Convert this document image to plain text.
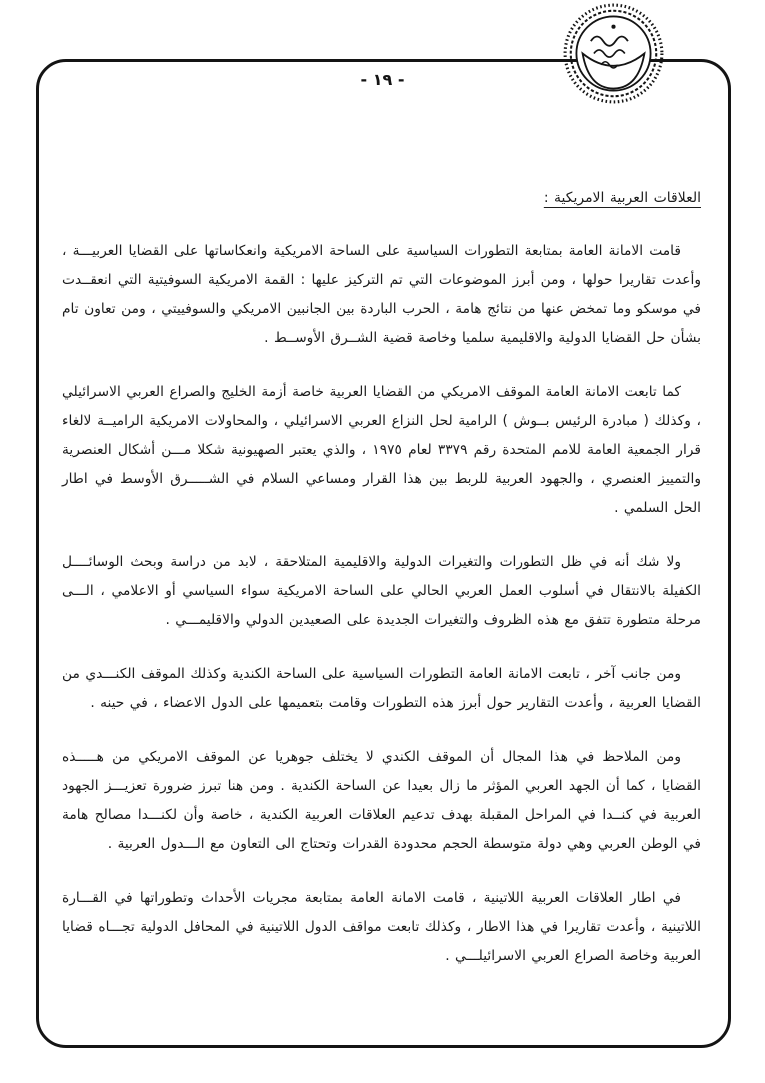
- ١٩ -
العلاقات العربية الامريكية :

قامت الامانة العامة بمتابعة التطورات السياسية على الساحة الامريكية وانعكاساتها على القضايا العربيـــة ، وأعدت تقاريرا حولها ، ومن أبرز الموضوعات التي تم التركيز عليها : القمة الامريكية السوفيتية التي انعقــدت في موسكو وما تمخض عنها من نتائج هامة ، الحرب الباردة بين الجانبين الامريكي والسوفييتي ، ومن تعاون تام بشأن حل القضايا الدولية والاقليمية سلميا وخاصة قضية الشــرق الأوســط .

كما تابعت الامانة العامة الموقف الامريكي من القضايا العربية خاصة أزمة الخليج والصراع العربي الاسرائيلي ، وكذلك ( مبادرة الرئيس بــوش ) الرامية لحل النزاع العربي الاسرائيلي ، والمحاولات الامريكية الراميــة لالغاء قرار الجمعية العامة للامم المتحدة رقم ٣٣٧٩ لعام ١٩٧٥ ، والذي يعتبر الصهيونية شكلا مـــن أشكال العنصرية والتمييز العنصري ، والجهود العربية للربط بين هذا القرار ومساعي السلام في الشـــــرق الأوسط في اطار الحل السلمي .

ولا شك أنه في ظل التطورات والتغيرات الدولية والاقليمية المتلاحقة ، لابد من دراسة وبحث الوسائــــل الكفيلة بالانتقال في أسلوب العمل العربي الحالي على الساحة الامريكية سواء السياسي أو الاعلامي ، الـــى مرحلة متطورة تتفق مع هذه الظروف والتغيرات الجديدة على الصعيدين الدولي والاقليمـــي .

ومن جانب آخر ، تابعت الامانة العامة التطورات السياسية على الساحة الكندية وكذلك الموقف الكنـــدي من القضايا العربية ، وأعدت التقارير حول أبرز هذه التطورات وقامت بتعميمها على الدول الاعضاء ، في حينه .

ومن الملاحظ في هذا المجال أن الموقف الكندي لا يختلف جوهريا عن الموقف الامريكي من هـــــذه القضايا ، كما أن الجهد العربي المؤثر ما زال بعيدا عن الساحة الكندية . ومن هنا تبرز ضرورة تعزيـــز الجهود العربية في كنــدا في المراحل المقبلة بهدف تدعيم العلاقات العربية الكندية ، خاصة وأن لكنـــدا مصالح هامة في الوطن العربي وهي دولة متوسطة الحجم محدودة القدرات وتحتاج الى التعاون مع الـــدول العربية .

في اطار العلاقات العربية اللاتينية ، قامت الامانة العامة بمتابعة مجريات الأحداث وتطوراتها في القـــارة اللاتينية ، وأعدت تقاريرا في هذا الاطار ، وكذلك تابعت مواقف الدول اللاتينية في المحافل الدولية تجـــاه قضايا العربية وخاصة الصراع العربي الاسرائيلـــي .
